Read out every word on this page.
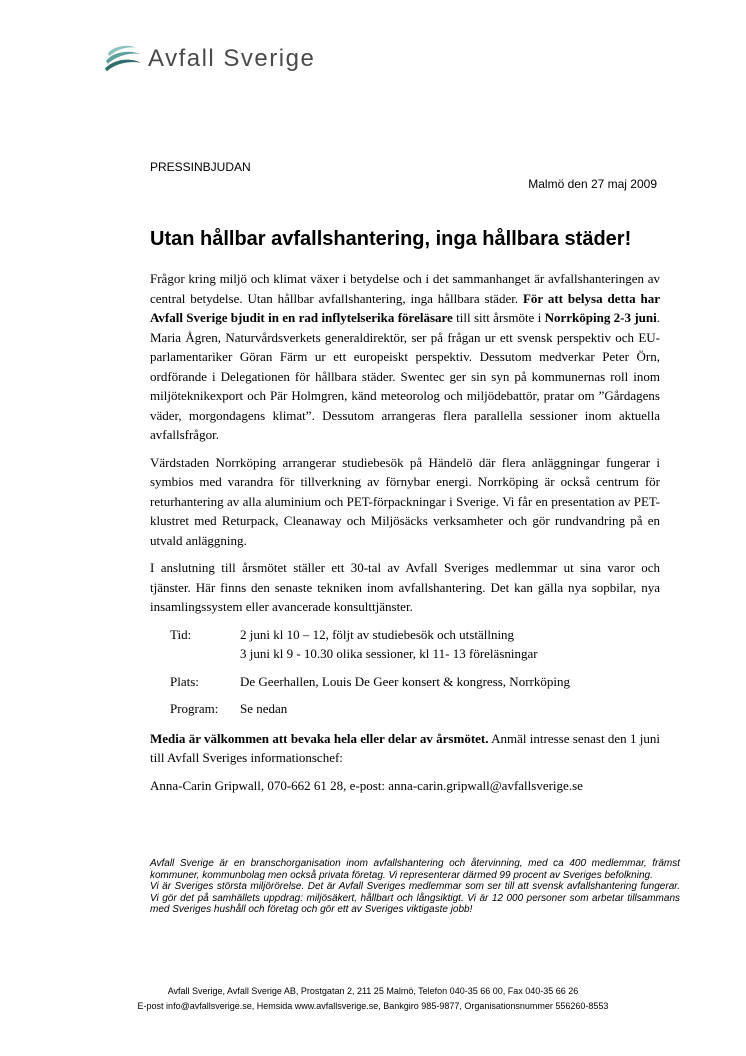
Avfall Sverige
PRESSINBJUDAN
Malmö den 27 maj 2009
Utan hållbar avfallshantering, inga hållbara städer!

Frågor kring miljö och klimat växer i betydelse och i det sammanhanget är avfallshanteringen av central betydelse. Utan hållbar avfallshantering, inga hållbara städer. För att belysa detta har Avfall Sverige bjudit in en rad inflytelserika föreläsare till sitt årsmöte i Norrköping 2-3 juni. Maria Ågren, Naturvårdsverkets generaldirektör, ser på frågan ur ett svensk perspektiv och EU-parlamentariker Göran Färm ur ett europeiskt perspektiv. Dessutom medverkar Peter Örn, ordförande i Delegationen för hållbara städer. Swentec ger sin syn på kommunernas roll inom miljöteknikexport och Pär Holmgren, känd meteorolog och miljödebattör, pratar om ”Gårdagens väder, morgondagens klimat”. Dessutom arrangeras flera parallella sessioner inom aktuella avfallsfrågor.

Värdstaden Norrköping arrangerar studiebesök på Händelö där flera anläggningar fungerar i symbios med varandra för tillverkning av förnybar energi. Norrköping är också centrum för returhantering av alla aluminium och PET-förpackningar i Sverige. Vi får en presentation av PET-klustret med Returpack, Cleanaway och Miljösäcks verksamheter och gör rundvandring på en utvald anläggning.

I anslutning till årsmötet ställer ett 30-tal av Avfall Sveriges medlemmar ut sina varor och tjänster. Här finns den senaste tekniken inom avfallshantering. Det kan gälla nya sopbilar, nya insamlingssystem eller avancerade konsulttjänster.

Tid:	2 juni kl 10 – 12, följt av studiebesök och utställning
3 juni kl 9 - 10.30 olika sessioner, kl 11- 13 föreläsningar
Plats:	De Geerhallen, Louis De Geer konsert & kongress, Norrköping
Program:	Se nedan

Media är välkommen att bevaka hela eller delar av årsmötet. Anmäl intresse senast den 1 juni till Avfall Sveriges informationschef:

Anna-Carin Gripwall, 070-662 61 28, e-post: anna-carin.gripwall@avfallsverige.se

Avfall Sverige är en branschorganisation inom avfallshantering och återvinning, med ca 400 medlemmar, främst kommuner, kommunbolag men också privata företag. Vi representerar därmed 99 procent av Sveriges befolkning.

Vi är Sveriges största miljörörelse. Det är Avfall Sveriges medlemmar som ser till att svensk avfallshantering fungerar. Vi gör det på samhällets uppdrag: miljösäkert, hållbart och långsiktigt. Vi är 12 000 personer som arbetar tillsammans med Sveriges hushåll och företag och gör ett av Sveriges viktigaste jobb!

Avfall Sverige, Avfall Sverige AB, Prostgatan 2, 211 25 Malmö, Telefon 040-35 66 00, Fax 040-35 66 26
E-post info@avfallsverige.se, Hemsida www.avfallsverige.se, Bankgiro 985-9877, Organisationsnummer 556260-8553
